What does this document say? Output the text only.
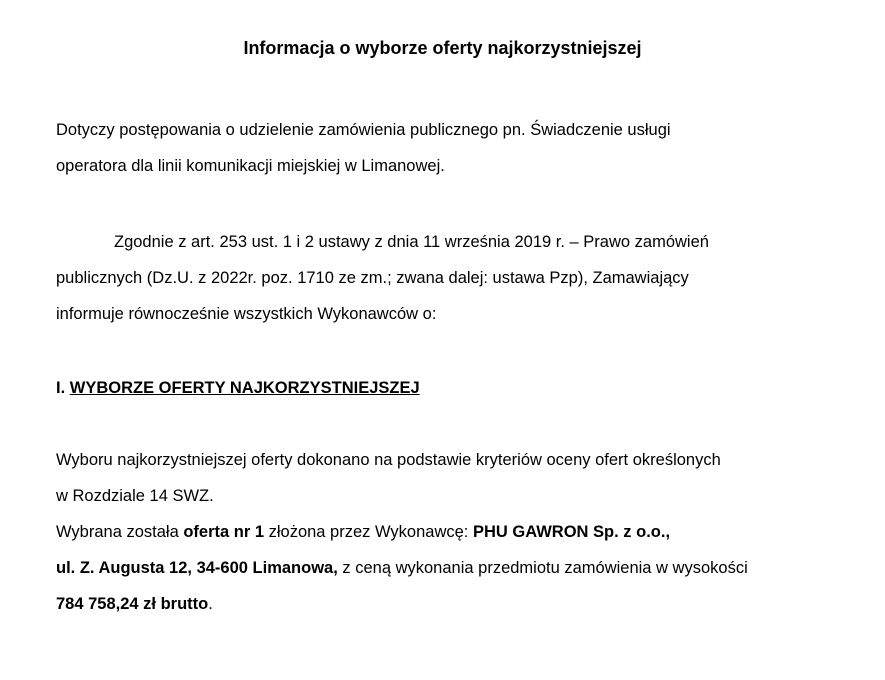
Informacja o wyborze oferty najkorzystniejszej
Dotyczy postępowania o udzielenie zamówienia publicznego pn. Świadczenie usługi
operatora dla linii komunikacji miejskiej w Limanowej.
Zgodnie z art. 253 ust. 1 i 2 ustawy z dnia 11 września 2019 r. – Prawo zamówień
publicznych (Dz.U. z 2022r. poz. 1710 ze zm.; zwana dalej: ustawa Pzp), Zamawiający
informuje równocześnie wszystkich Wykonawców o:
I. WYBORZE OFERTY NAJKORZYSTNIEJSZEJ
Wyboru najkorzystniejszej oferty dokonano na podstawie kryteriów oceny ofert określonych
w Rozdziale 14 SWZ.
Wybrana została oferta nr 1 złożona przez Wykonawcę: PHU GAWRON Sp. z o.o.,
ul. Z. Augusta 12, 34-600 Limanowa, z ceną wykonania przedmiotu zamówienia w wysokości
784 758,24 zł brutto.
